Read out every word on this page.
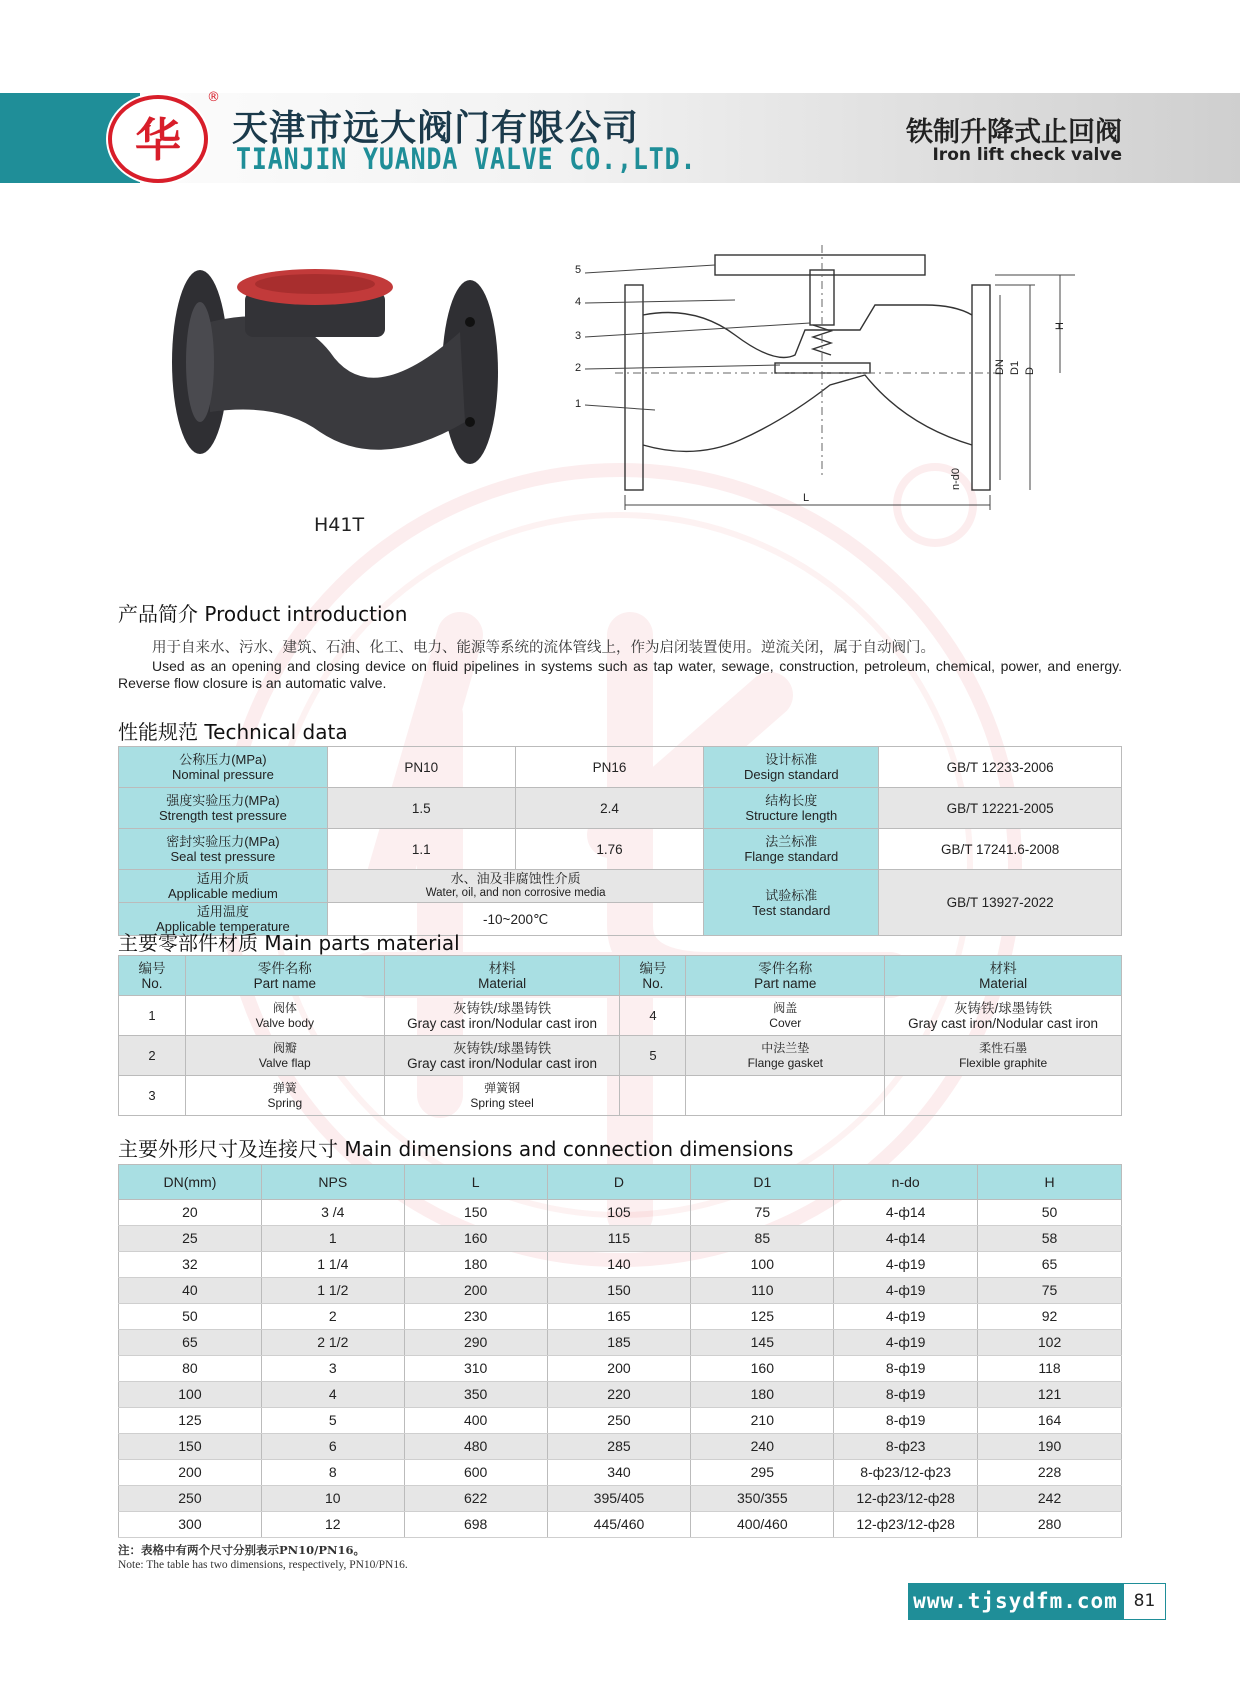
华
®
天津市远大阀门有限公司
TIANJIN YUANDA VALVE CO.,LTD.
铁制升降式止回阀
Iron lift check valve
H41T
5
4
3
2
1
H
DN D1 D
n-d0
L
产品简介 Product introduction
用于自来水、污水、建筑、石油、化工、电力、能源等系统的流体管线上，作为启闭装置使用。逆流关闭，属于自动阀门。
Used as an opening and closing device on fluid pipelines in systems such as tap water, sewage, construction, petroleum, chemical, power, and energy. Reverse flow closure is an automatic valve.
性能规范 Technical data
公称压力(MPa)
Nominal pressure	PN10	PN16	设计标准
Design standard	GB/T 12233-2006

强度实验压力(MPa)
Strength test pressure	1.5	2.4	结构长度
Structure length	GB/T 12221-2005

密封实验压力(MPa)
Seal test pressure	1.1	1.76	法兰标准
Flange standard	GB/T 17241.6-2008

适用介质
Applicable medium	水、油及非腐蚀性介质
Water, oil, and non corrosive media		试验标准
Test standard	GB/T 13927-2022

适用温度
Applicable temperature	-10~200℃			
主要零部件材质 Main parts material
编号
No.	零件名称
Part name	材料
Material	编号
No.	零件名称
Part name	材料
Material

1	阀体
Valve body	灰铸铁/球墨铸铁
Gray cast iron/Nodular cast iron	4	阀盖
Cover	灰铸铁/球墨铸铁
Gray cast iron/Nodular cast iron

2	阀瓣
Valve flap	灰铸铁/球墨铸铁
Gray cast iron/Nodular cast iron	5	中法兰垫
Flange gasket	柔性石墨
Flexible graphite

3	弹簧
Spring	弹簧钢
Spring steel			

主要外形尺寸及连接尺寸 Main dimensions and connection dimensions
DN(mm)	NPS	L	D	D1	n-do	H
20	3 /4	150	105	75	4-ф14	50
25	1	160	115	85	4-ф14	58
32	1 1/4	180	140	100	4-ф19	65
40	1 1/2	200	150	110	4-ф19	75
50	2	230	165	125	4-ф19	92
65	2 1/2	290	185	145	4-ф19	102
80	3	310	200	160	8-ф19	118
100	4	350	220	180	8-ф19	121
125	5	400	250	210	8-ф19	164
150	6	480	285	240	8-ф23	190
200	8	600	340	295	8-ф23/12-ф23	228
250	10	622	395/405	350/355	12-ф23/12-ф28	242
300	12	698	445/460	400/460	12-ф23/12-ф28	280
注：表格中有两个尺寸分别表示PN10/PN16。
Note: The table has two dimensions, respectively, PN10/PN16.
www.tjsydfm.com 81
